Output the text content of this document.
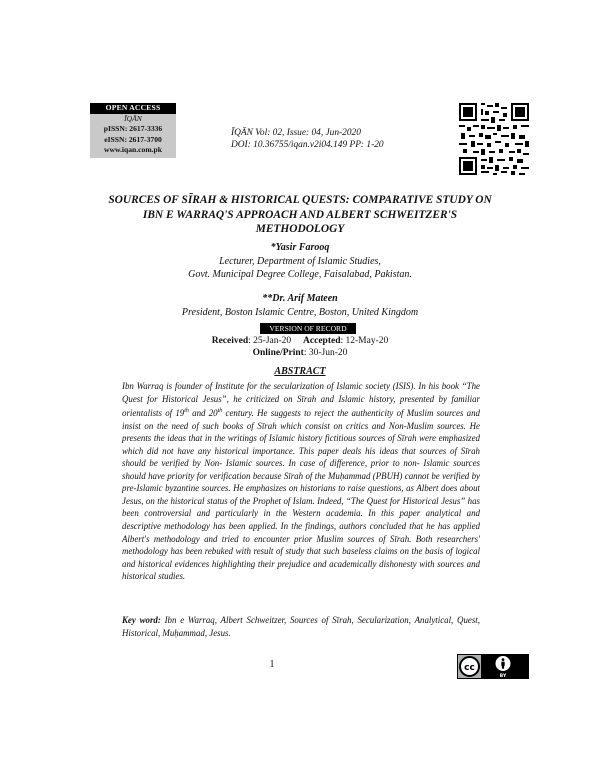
OPEN ACCESS
ĪQĀN
pISSN: 2617-3336
eISSN: 2617-3700
www.iqan.com.pk
ĪQĀN Vol: 02, Issue: 04, Jun-2020
DOI: 10.36755/iqan.v2i04.149 PP: 1-20
SOURCES OF SĪRAH & HISTORICAL QUESTS: COMPARATIVE STUDY ON IBN E WARRAQ'S APPROACH AND ALBERT SCHWEITZER'S METHODOLOGY
*Yasir Farooq
Lecturer, Department of Islamic Studies,
Govt. Municipal Degree College, Faisalabad, Pakistan.
**Dr. Arif Mateen
President, Boston Islamic Centre, Boston, United Kingdom
VERSION OF RECORD
Received: 25-Jan-20 Accepted: 12-May-20
Online/Print: 30-Jun-20
ABSTRACT
Ibn Warraq is founder of Institute for the secularization of Islamic society (ISIS). In his book “The Quest for Historical Jesus”, he criticized on Sīrah and Islamic history, presented by familiar orientalists of 19th and 20th century. He suggests to reject the authenticity of Muslim sources and insist on the need of such books of Sīrah which consist on critics and Non-Muslim sources. He presents the ideas that in the writings of Islamic history fictitious sources of Sīrah were emphasized which did not have any historical importance. This paper deals his ideas that sources of Sīrah should be verified by Non- Islamic sources. In case of difference, prior to non- Islamic sources should have priority for verification because Sīrah of the Muḥammad (PBUH) cannot be verified by pre-Islamic byzantine sources. He emphasizes on historians to raise questions, as Albert does about Jesus, on the historical status of the Prophet of Islam. Indeed, “The Quest for Historical Jesus” has been controversial and particularly in the Western academia. In this paper analytical and descriptive methodology has been applied. In the findings, authors concluded that he has applied Albert's methodology and tried to encounter prior Muslim sources of Sīrah. Both researchers' methodology has been rebuked with result of study that such baseless claims on the basis of logical and historical evidences highlighting their prejudice and academically dishonesty with sources and historical studies.
Key word: Ibn e Warraq, Albert Schweitzer, Sources of Sīrah, Secularization, Analytical, Quest, Historical, Muḥammad, Jesus.
1	cc
BY
